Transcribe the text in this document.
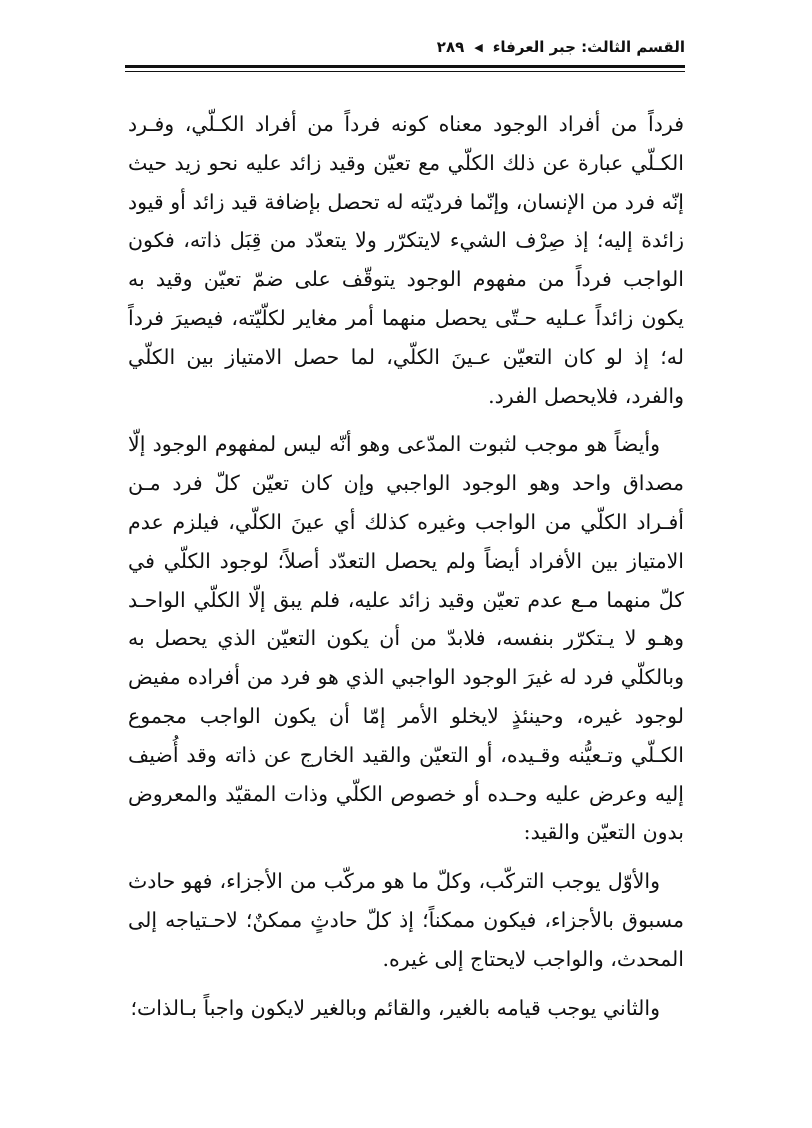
القسم الثالث: جبر العرفاء
◀
٢٨٩

فرداً من أفراد الوجود معناه كونه فرداً من أفراد الكـلّي، وفـرد الكـلّي عبارة عن ذلك الكلّي مع تعيّن وقيد زائد عليه نحو زيد حيث إنّه فرد من الإنسان، وإنّما فرديّته له تحصل بإضافة قيد زائد أو قيود زائدة إليه؛ إذ صِرْف الشيء لايتكرّر ولا يتعدّد من قِبَل ذاته، فكون الواجب فرداً من مفهوم الوجود يتوقّف على ضمّ تعيّن وقيد به يكون زائداً عـليه حـتّى يحصل منهما أمر مغاير لكلّيّته، فيصيرَ فرداً له؛ إذ لو كان التعيّن عـينَ الكلّي، لما حصل الامتياز بين الكلّي والفرد، فلايحصل الفرد.

وأيضاً هو موجب لثبوت المدّعى وهو أنّه ليس لمفهوم الوجود إلّا مصداق واحد وهو الوجود الواجبي وإن كان تعيّن كلّ فرد مـن أفـراد الكلّي من الواجب وغيره كذلك أي عينَ الكلّي، فيلزم عدم الامتياز بين الأفراد أيضاً ولم يحصل التعدّد أصلاً؛ لوجود الكلّي في كلّ منهما مـع عدم تعيّن وقيد زائد عليه، فلم يبق إلّا الكلّي الواحـد وهـو لا يـتكرّر بنفسه، فلابدّ من أن يكون التعيّن الذي يحصل به وبالكلّي فرد له غيرَ الوجود الواجبي الذي هو فرد من أفراده مفيض لوجود غيره، وحينئذٍ لايخلو الأمر إمّا أن يكون الواجب مجموع الكـلّي وتـعيُّنه وقـيده، أو التعيّن والقيد الخارج عن ذاته وقد أُضيف إليه وعرض عليه وحـده أو خصوص الكلّي وذات المقيّد والمعروض بدون التعيّن والقيد:

والأوّل يوجب التركّب، وكلّ ما هو مركّب من الأجزاء، فهو حادث مسبوق بالأجزاء، فيكون ممكناً؛ إذ كلّ حادثٍ ممكنٌ؛ لاحـتياجه إلى المحدث، والواجب لايحتاج إلى غيره.

والثاني يوجب قيامه بالغير، والقائم وبالغير لايكون واجباً بـالذات؛
